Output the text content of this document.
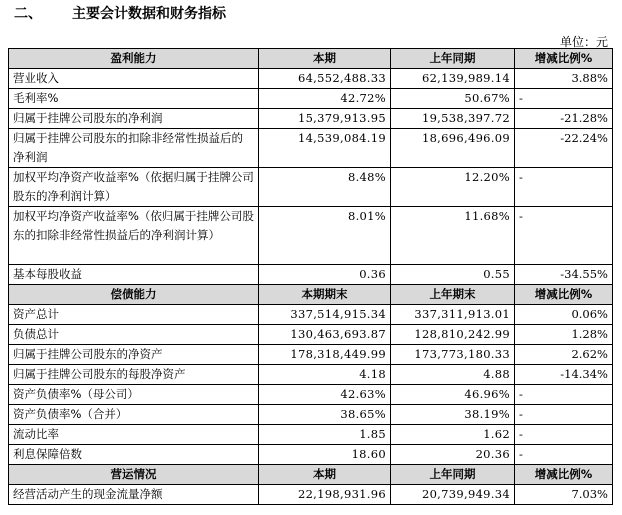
二、 主要会计数据和财务指标
单位：元
盈利能力	本期	上年同期	增减比例%
营业收入	64,552,488.33	62,139,989.14	3.88%
毛利率%	42.72%	50.67%	-
归属于挂牌公司股东的净利润	15,379,913.95	19,538,397.72	-21.28%
归属于挂牌公司股东的扣除非经常性损益后的净利润	14,539,084.19	18,696,496.09	-22.24%
加权平均净资产收益率%（依据归属于挂牌公司股东的净利润计算）	8.48%	12.20%	-
加权平均净资产收益率%（依归属于挂牌公司股东的扣除非经常性损益后的净利润计算）	8.01%	11.68%	-
基本每股收益	0.36	0.55	-34.55%
偿债能力	本期期末	上年期末	增减比例%
资产总计	337,514,915.34	337,311,913.01	0.06%
负债总计	130,463,693.87	128,810,242.99	1.28%
归属于挂牌公司股东的净资产	178,318,449.99	173,773,180.33	2.62%
归属于挂牌公司股东的每股净资产	4.18	4.88	-14.34%
资产负债率%（母公司）	42.63%	46.96%	-
资产负债率%（合并）	38.65%	38.19%	-
流动比率	1.85	1.62	-
利息保障倍数	18.60	20.36	-
营运情况	本期	上年同期	增减比例%
经营活动产生的现金流量净额	22,198,931.96	20,739,949.34	7.03%
